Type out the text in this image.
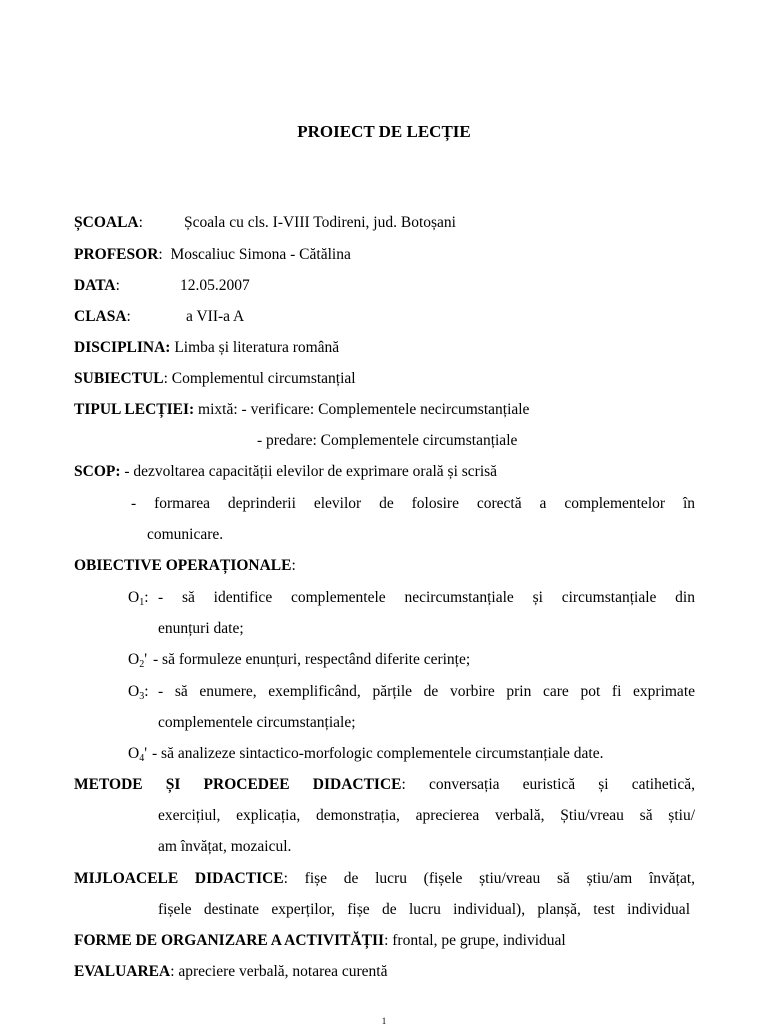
PROIECT DE LECȚIE
ȘCOALA:	Școala cu cls. I-VIII Todireni, jud. Botoșani
PROFESOR:  Moscaliuc Simona - Cătălina
DATA:	12.05.2007
CLASA:	a VII-a A
DISCIPLINA: Limba și literatura română
SUBIECTUL: Complementul circumstanțial
TIPUL LECȚIEI: mixtă: - verificare: Complementele necircumstanțiale
- predare: Complementele circumstanțiale
SCOP: - dezvoltarea capacității elevilor de exprimare orală și scrisă
- formarea deprinderii elevilor de folosire corectă a complementelor în
comunicare.
OBIECTIVE OPERAȚIONALE:
$O_1$: - să identifice complementele necircumstanțiale și circumstanțiale din
enunțuri date;
$O_2'$ - să formuleze enunțuri, respectând diferite cerințe;
$O_3$: - să enumere, exemplificând, părțile de vorbire prin care pot fi exprimate
complementele circumstanțiale;
$O_4'$ - să analizeze sintactico-morfologic complementele circumstanțiale date.
METODE ȘI PROCEDEE DIDACTICE: conversația euristică și catihetică,
exercițiul, explicația, demonstrația, aprecierea verbală, Știu/vreau să știu/
am învățat, mozaicul.
MIJLOACELE DIDACTICE: fișe de lucru (fișele știu/vreau să știu/am învățat,
fișele destinate experților, fișe de lucru individual), planșă, test individual
FORME DE ORGANIZARE A ACTIVITĂȚII: frontal, pe grupe, individual
EVALUAREA: apreciere verbală, notarea curentă
1
